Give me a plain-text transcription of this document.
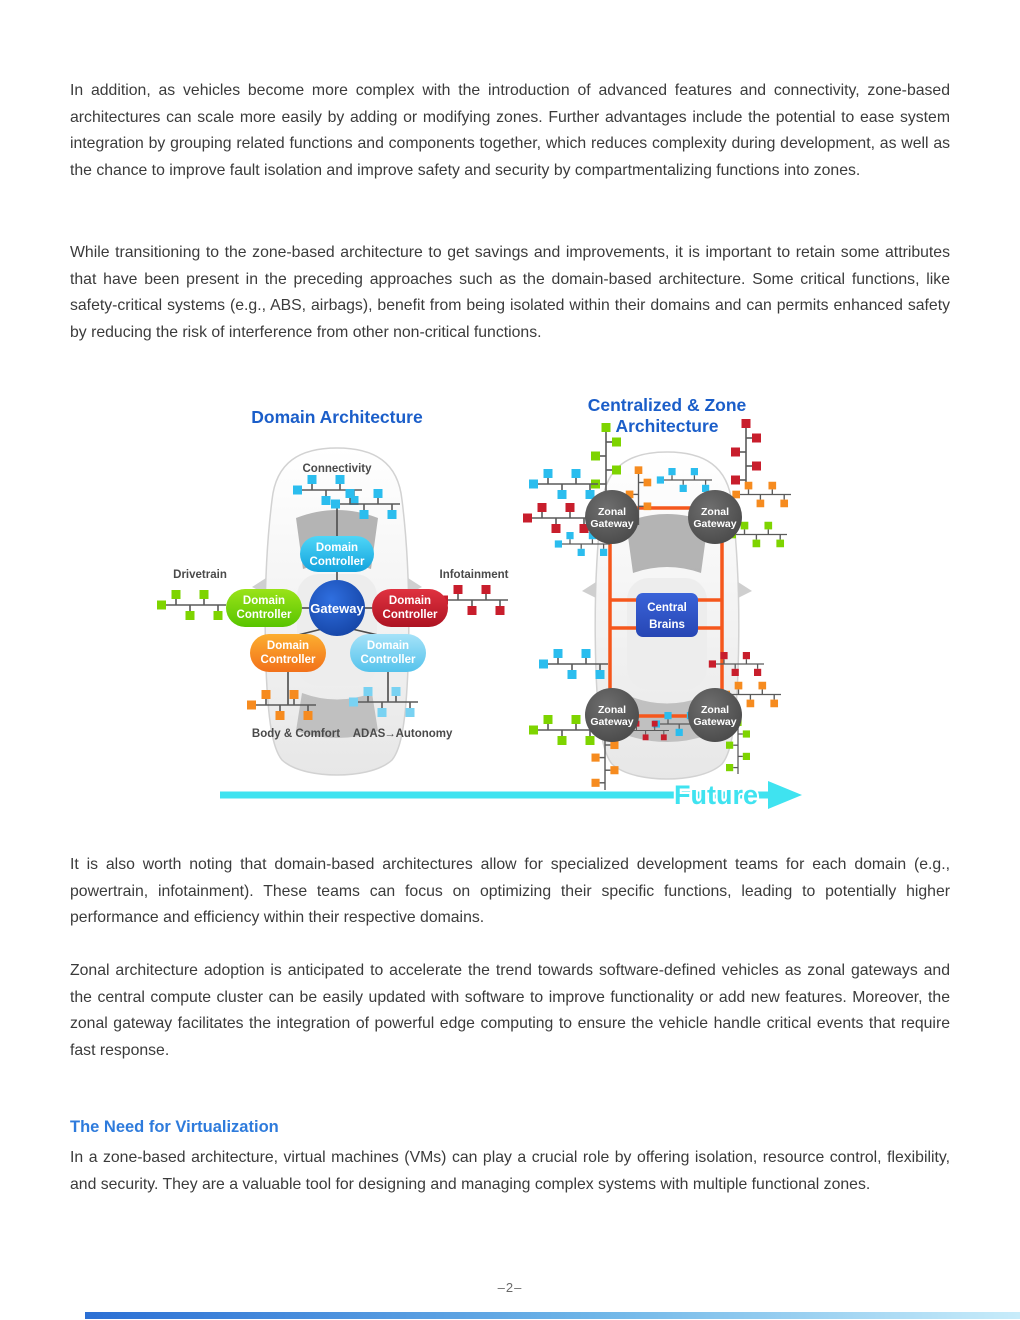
In addition, as vehicles become more complex with the introduction of advanced features and connectivity, zone-based architectures can scale more easily by adding or modifying zones. Further advantages include the potential to ease system integration by grouping related functions and components together, which reduces complexity during development, as well as the chance to improve fault isolation and improve safety and security by compartmentalizing functions into zones.

While transitioning to the zone-based architecture to get savings and improvements, it is important to retain some attributes that have been present in the preceding approaches such as the domain-based architecture. Some critical functions, like safety-critical systems (e.g., ABS, airbags), benefit from being isolated within their domains and can permits enhanced safety by reducing the risk of interference from other non-critical functions.

Domain Architecture
Centralized & Zone
Architecture
Connectivity
Drivetrain	Infotainment
Body & Comfort ADAS
→ Autonomy
Domain
Controller
Domain
Controller
Domain
Controller
Domain
Controller
Domain
Controller
Gateway
Zonal
Gateway
Zonal
Gateway
Zonal
Gateway
Zonal
Gateway
Central
Brains
Future

It is also worth noting that domain-based architectures allow for specialized development teams for each domain (e.g., powertrain, infotainment). These teams can focus on optimizing their specific functions, leading to potentially higher performance and efficiency within their respective domains.

Zonal architecture adoption is anticipated to accelerate the trend towards software-defined vehicles as zonal gateways and the central compute cluster can be easily updated with software to improve functionality or add new features. Moreover, the zonal gateway facilitates the integration of powerful edge computing to ensure the vehicle handle critical events that require fast response.

The Need for Virtualization

In a zone-based architecture, virtual machines (VMs) can play a crucial role by offering isolation, resource control, flexibility, and security. They are a valuable tool for designing and managing complex systems with multiple functional zones.

–2–
